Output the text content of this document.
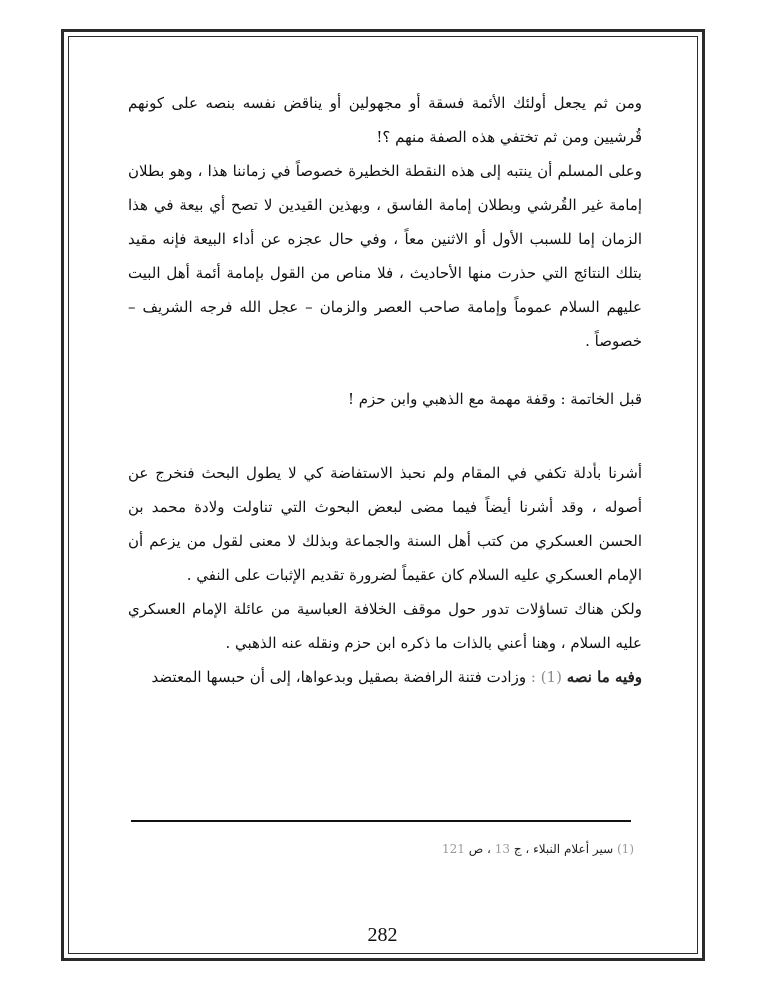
ومن ثم يجعل أولئك الأئمة فسقة أو مجهولين أو يناقض نفسه بنصه على كونهم قُرشيين ومن ثم تختفي هذه الصفة منهم ؟!

وعلى المسلم أن ينتبه إلى هذه النقطة الخطيرة خصوصاً في زماننا هذا ، وهو بطلان إمامة غير القُرشي وبطلان إمامة الفاسق ، وبهذين القيدين لا تصح أي بيعة في هذا الزمان إما للسبب الأول أو الاثنين معاً ، وفي حال عجزه عن أداء البيعة فإنه مقيد بتلك النتائج التي حذرت منها الأحاديث ، فلا مناص من القول بإمامة أئمة أهل البيت عليهم السلام عموماً وإمامة صاحب العصر والزمان – عجل الله فرجه الشريف – خصوصاً .

قبل الخاتمة : وقفة مهمة مع الذهبي وابن حزم !

أشرنا بأدلة تكفي في المقام ولم نحبذ الاستفاضة كي لا يطول البحث فنخرج عن أصوله ، وقد أشرنا أيضاً فيما مضى لبعض البحوث التي تناولت ولادة محمد بن الحسن العسكري من كتب أهل السنة والجماعة وبذلك لا معنى لقول من يزعم أن الإمام العسكري عليه السلام كان عقيماً لضرورة تقديم الإثبات على النفي .

ولكن هناك تساؤلات تدور حول موقف الخلافة العباسية من عائلة الإمام العسكري عليه السلام ، وهنا أعني بالذات ما ذكره ابن حزم ونقله عنه الذهبي .

وفيه ما نصه (1) : وزادت فتنة الرافضة بصقيل وبدعواها، إلى أن حبسها المعتضد

(1) سير أعلام النبلاء ، ج 13 ، ص 121
282
